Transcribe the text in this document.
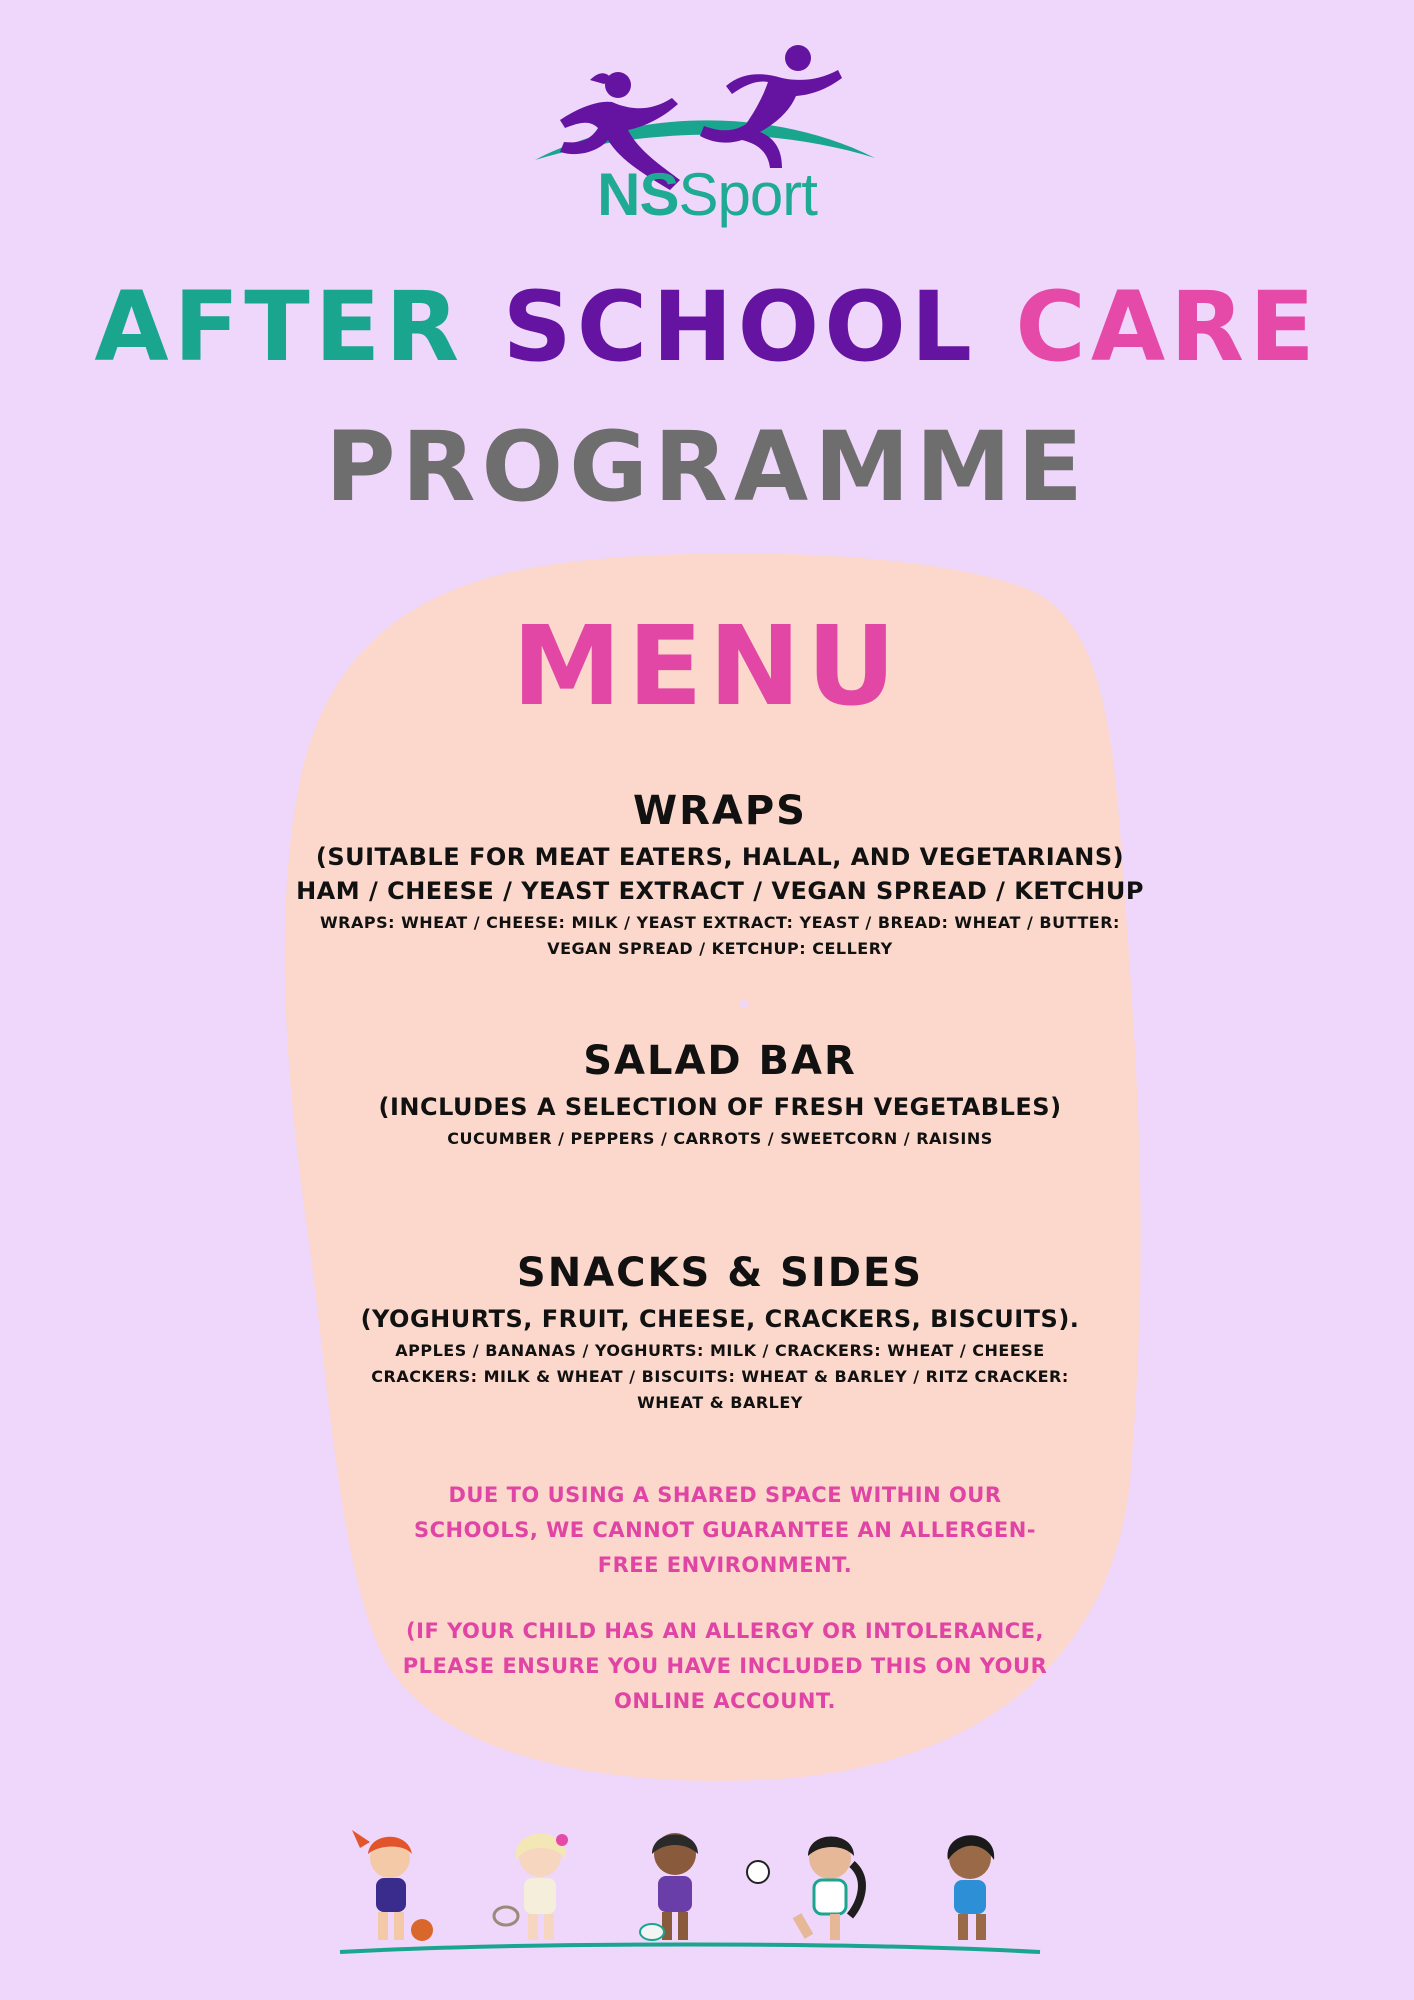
NSSport
AFTER SCHOOL CARE
PROGRAMME
MENU
WRAPS
(SUITABLE FOR MEAT EATERS, HALAL, AND VEGETARIANS)
HAM / CHEESE / YEAST EXTRACT / VEGAN SPREAD / KETCHUP
WRAPS: WHEAT / CHEESE: MILK / YEAST EXTRACT: YEAST / BREAD: WHEAT / BUTTER:
VEGAN SPREAD / KETCHUP: CELLERY
SALAD BAR
(INCLUDES A SELECTION OF FRESH VEGETABLES)
CUCUMBER / PEPPERS / CARROTS / SWEETCORN / RAISINS
SNACKS & SIDES
(YOGHURTS, FRUIT, CHEESE, CRACKERS, BISCUITS).
APPLES / BANANAS / YOGHURTS: MILK / CRACKERS: WHEAT / CHEESE
CRACKERS: MILK & WHEAT / BISCUITS: WHEAT & BARLEY / RITZ CRACKER:
WHEAT & BARLEY
DUE TO USING A SHARED SPACE WITHIN OUR
SCHOOLS, WE CANNOT GUARANTEE AN ALLERGEN-
FREE ENVIRONMENT.
(IF YOUR CHILD HAS AN ALLERGY OR INTOLERANCE,
PLEASE ENSURE YOU HAVE INCLUDED THIS ON YOUR
ONLINE ACCOUNT.
